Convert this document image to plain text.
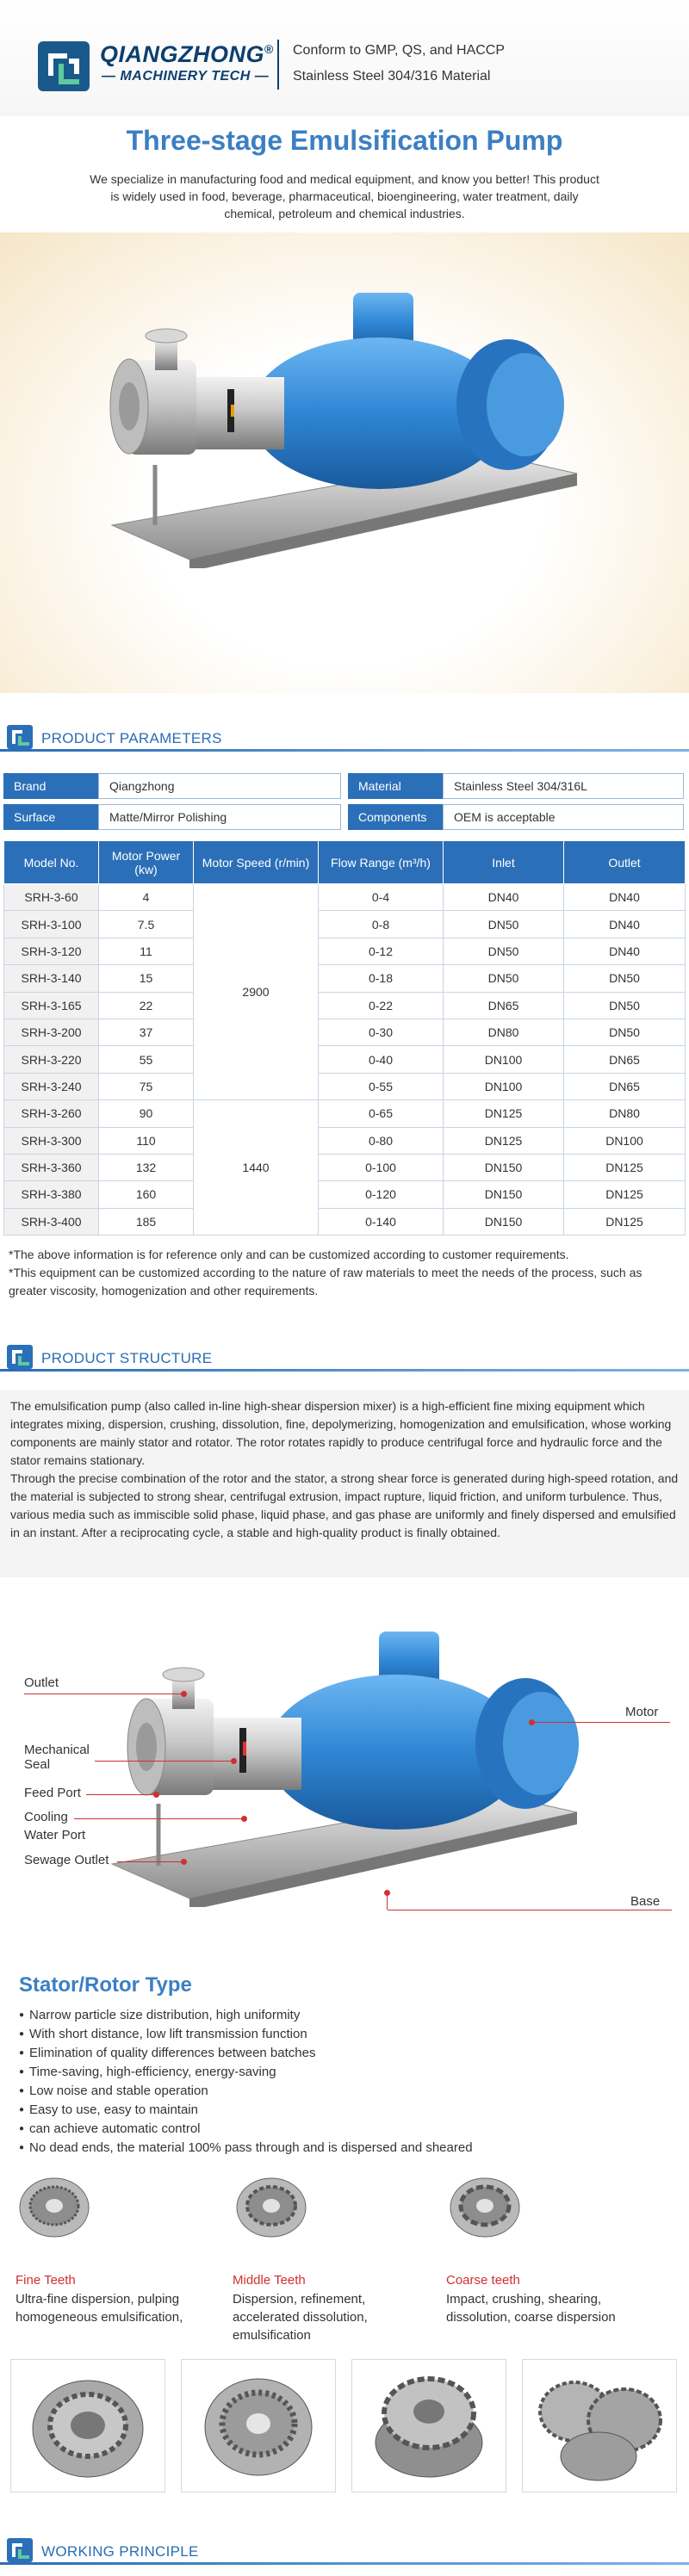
QIANGZHONG®
— MACHINERY TECH —
Conform to GMP, QS, and HACCP
Stainless Steel 304/316 Material
Three-stage Emulsification Pump
We specialize in manufacturing food and medical equipment, and know you better! This product is widely used in food, beverage, pharmaceutical, bioengineering, water treatment, daily chemical, petroleum and chemical industries.
PRODUCT PARAMETERS
Brand	Qiangzhong	Material	Stainless Steel 304/316L
Surface	Matte/Mirror Polishing	Components	OEM is acceptable
Model No.	Motor Power (kw)	Motor Speed (r/min)	Flow Range (m³/h)	Inlet	Outlet
SRH-3-60	4	2900	0-4	DN40	DN40
SRH-3-100	7.5		0-8	DN50	DN40
SRH-3-120	11		0-12	DN50	DN40
SRH-3-140	15		0-18	DN50	DN50
SRH-3-165	22		0-22	DN65	DN50
SRH-3-200	37		0-30	DN80	DN50
SRH-3-220	55		0-40	DN100	DN65
SRH-3-240	75		0-55	DN100	DN65
SRH-3-260	90	1440	0-65	DN125	DN80
SRH-3-300	110		0-80	DN125	DN100
SRH-3-360	132		0-100	DN150	DN125
SRH-3-380	160		0-120	DN150	DN125
SRH-3-400	185		0-140	DN150	DN125
*The above information is for reference only and can be customized according to customer requirements.
*This equipment can be customized according to the nature of raw materials to meet the needs of the process, such as greater viscosity, homogenization and other requirements.
PRODUCT STRUCTURE

The emulsification pump (also called in-line high-shear dispersion mixer) is a high-efficient fine mixing equipment which integrates mixing, dispersion, crushing, dissolution, fine, depolymerizing, homogenization and emulsification, whose working components are mainly stator and rotator. The rotor rotates rapidly to produce centrifugal force and hydraulic force and the stator remains stationary.

Through the precise combination of the rotor and the stator, a strong shear force is generated during high-speed rotation, and the material is subjected to strong shear, centrifugal extrusion, impact rupture, liquid friction, and uniform turbulence. Thus, various media such as immiscible solid phase, liquid phase, and gas phase are uniformly and finely dispersed and emulsified in an instant. After a reciprocating cycle, a stable and high-quality product is finally obtained.

Outlet
Mechanical
Seal
Feed Port
Cooling
Water Port
Sewage Outlet
Motor
Base
Stator/Rotor Type
● Narrow particle size distribution, high uniformity
● With short distance, low lift transmission function
● Elimination of quality differences between batches
● Time-saving, high-efficiency, energy-saving
● Low noise and stable operation
● Easy to use, easy to maintain
● can achieve automatic control
● No dead ends, the material 100% pass through and is dispersed and sheared
Fine Teeth
Ultra-fine dispersion, pulping homogeneous emulsification,
Middle Teeth
Dispersion, refinement, accelerated dissolution, emulsification
Coarse teeth
Impact, crushing, shearing, dissolution, coarse dispersion
WORKING PRINCIPLE
